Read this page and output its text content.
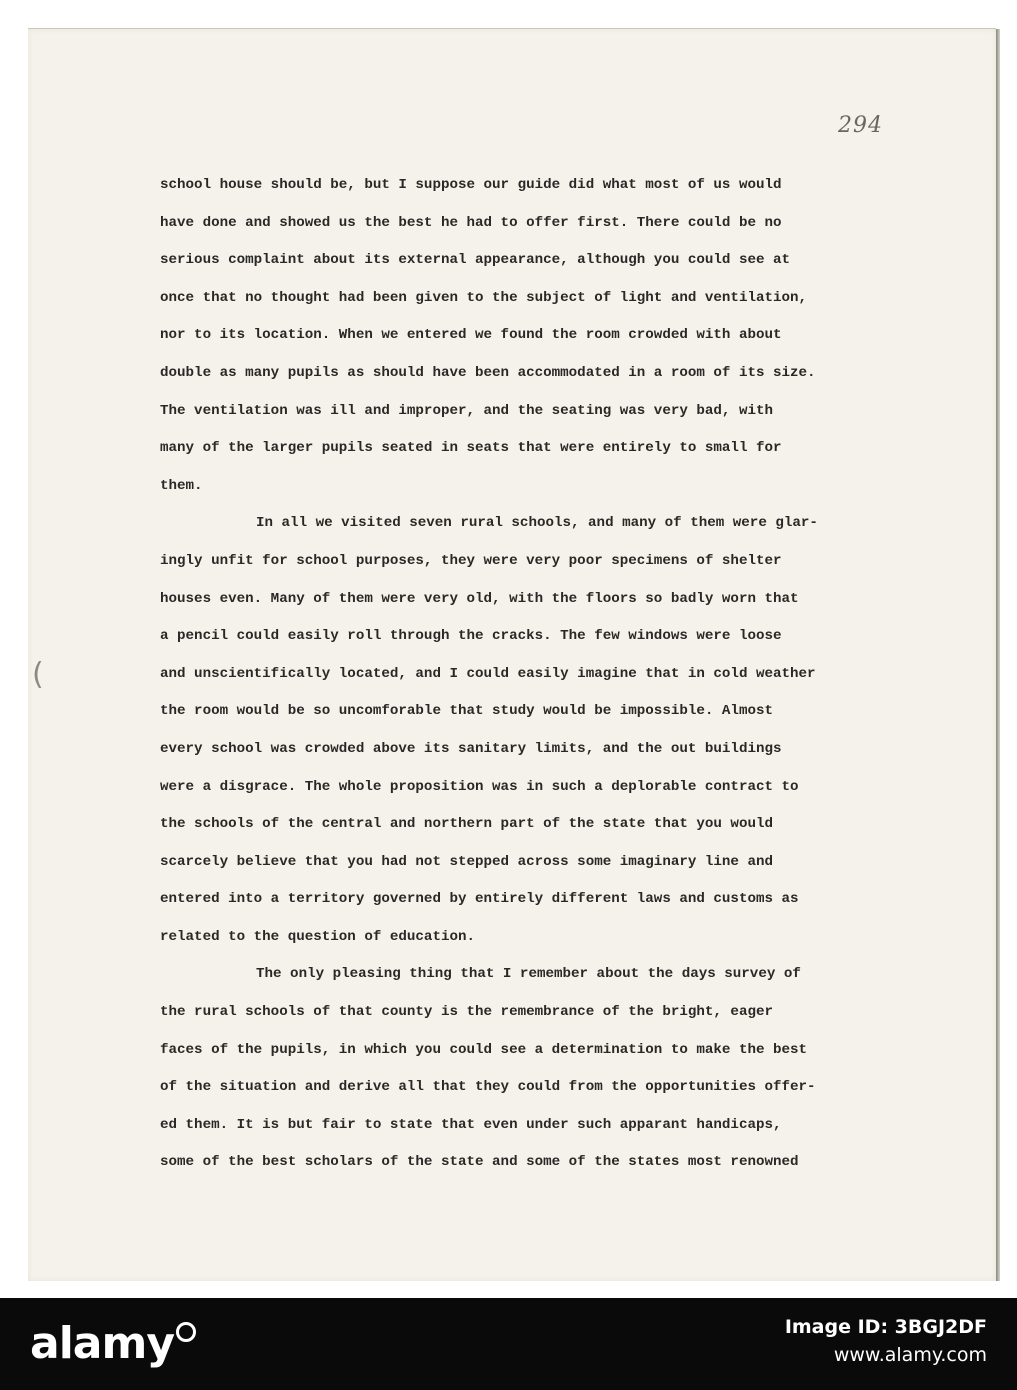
294
(
school house should be, but I suppose our guide did what most of us would
have done and showed us the best he had to offer first. There could be no
serious complaint about its external appearance, although you could see at
once that no thought had been given to the subject of light and ventilation,
nor to its location. When we entered we found the room crowded with about
double as many pupils as should have been accommodated in a room of its size.
The ventilation was ill and improper, and the seating was very bad, with
many of the larger pupils seated in seats that were entirely to small for
them.
In all we visited seven rural schools, and many of them were glar-
ingly unfit for school purposes, they were very poor specimens of shelter
houses even. Many of them were very old, with the floors so badly worn that
a pencil could easily roll through the cracks. The few windows were loose
and unscientifically located, and I could easily imagine that in cold weather
the room would be so uncomforable that study would be impossible. Almost
every school was crowded above its sanitary limits, and the out buildings
were a disgrace. The whole proposition was in such a deplorable contract to
the schools of the central and northern part of the state that you would
scarcely believe that you had not stepped across some imaginary line and
entered into a territory governed by entirely different laws and customs as
related to the question of education.
The only pleasing thing that I remember about the days survey of
the rural schools of that county is the remembrance of the bright, eager
faces of the pupils, in which you could see a determination to make the best
of the situation and derive all that they could from the opportunities offer-
ed them. It is but fair to state that even under such apparant handicaps,
some of the best scholars of the state and some of the states most renowned
alamy	Image ID: 3BGJ2DF
www.alamy.com
